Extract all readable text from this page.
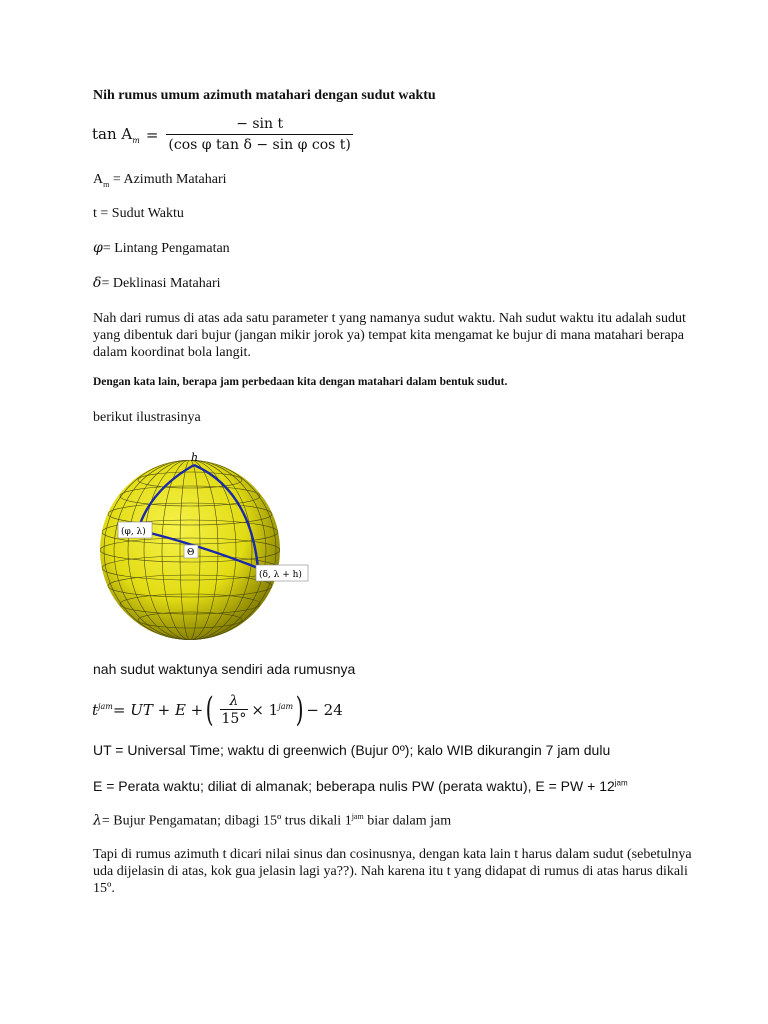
Nih rumus umum azimuth matahari dengan sudut waktu
$\tan A_m = \frac{\text{− sin t}}{\text{(cos φ tan δ − sin φ cos t)}}$
$A_m$ = Azimuth Matahari
t = Sudut Waktu
φ= Lintang Pengamatan
δ= Deklinasi Matahari
Nah dari rumus di atas ada satu parameter t yang namanya sudut waktu. Nah sudut waktu itu adalah sudut yang dibentuk dari bujur (jangan mikir jorok ya) tempat kita mengamat ke bujur di mana matahari berapa dalam koordinat bola langit.
Dengan kata lain, berapa jam perbedaan kita dengan matahari dalam bentuk sudut.
berikut ilustrasinya
h
(φ, λ)
Θ
(δ, λ + h)
nah sudut waktunya sendiri ada rumusnya
$t^{jam}$ = UT + E + ( $\frac{\lambda}{15^\circ} \times 1^{jam}$ ) − 24
UT = Universal Time; waktu di greenwich (Bujur 0º); kalo WIB dikurangin 7 jam dulu
E = Perata waktu; diliat di almanak; beberapa nulis PW (perata waktu), E = PW + $12^{jam}$
λ= Bujur Pengamatan; dibagi 15º trus dikali $1^{jam}$ biar dalam jam
Tapi di rumus azimuth t dicari nilai sinus dan cosinusnya, dengan kata lain t harus dalam sudut (sebetulnya uda dijelasin di atas, kok gua jelasin lagi ya??). Nah karena itu t yang didapat di rumus di atas harus dikali 15º.
